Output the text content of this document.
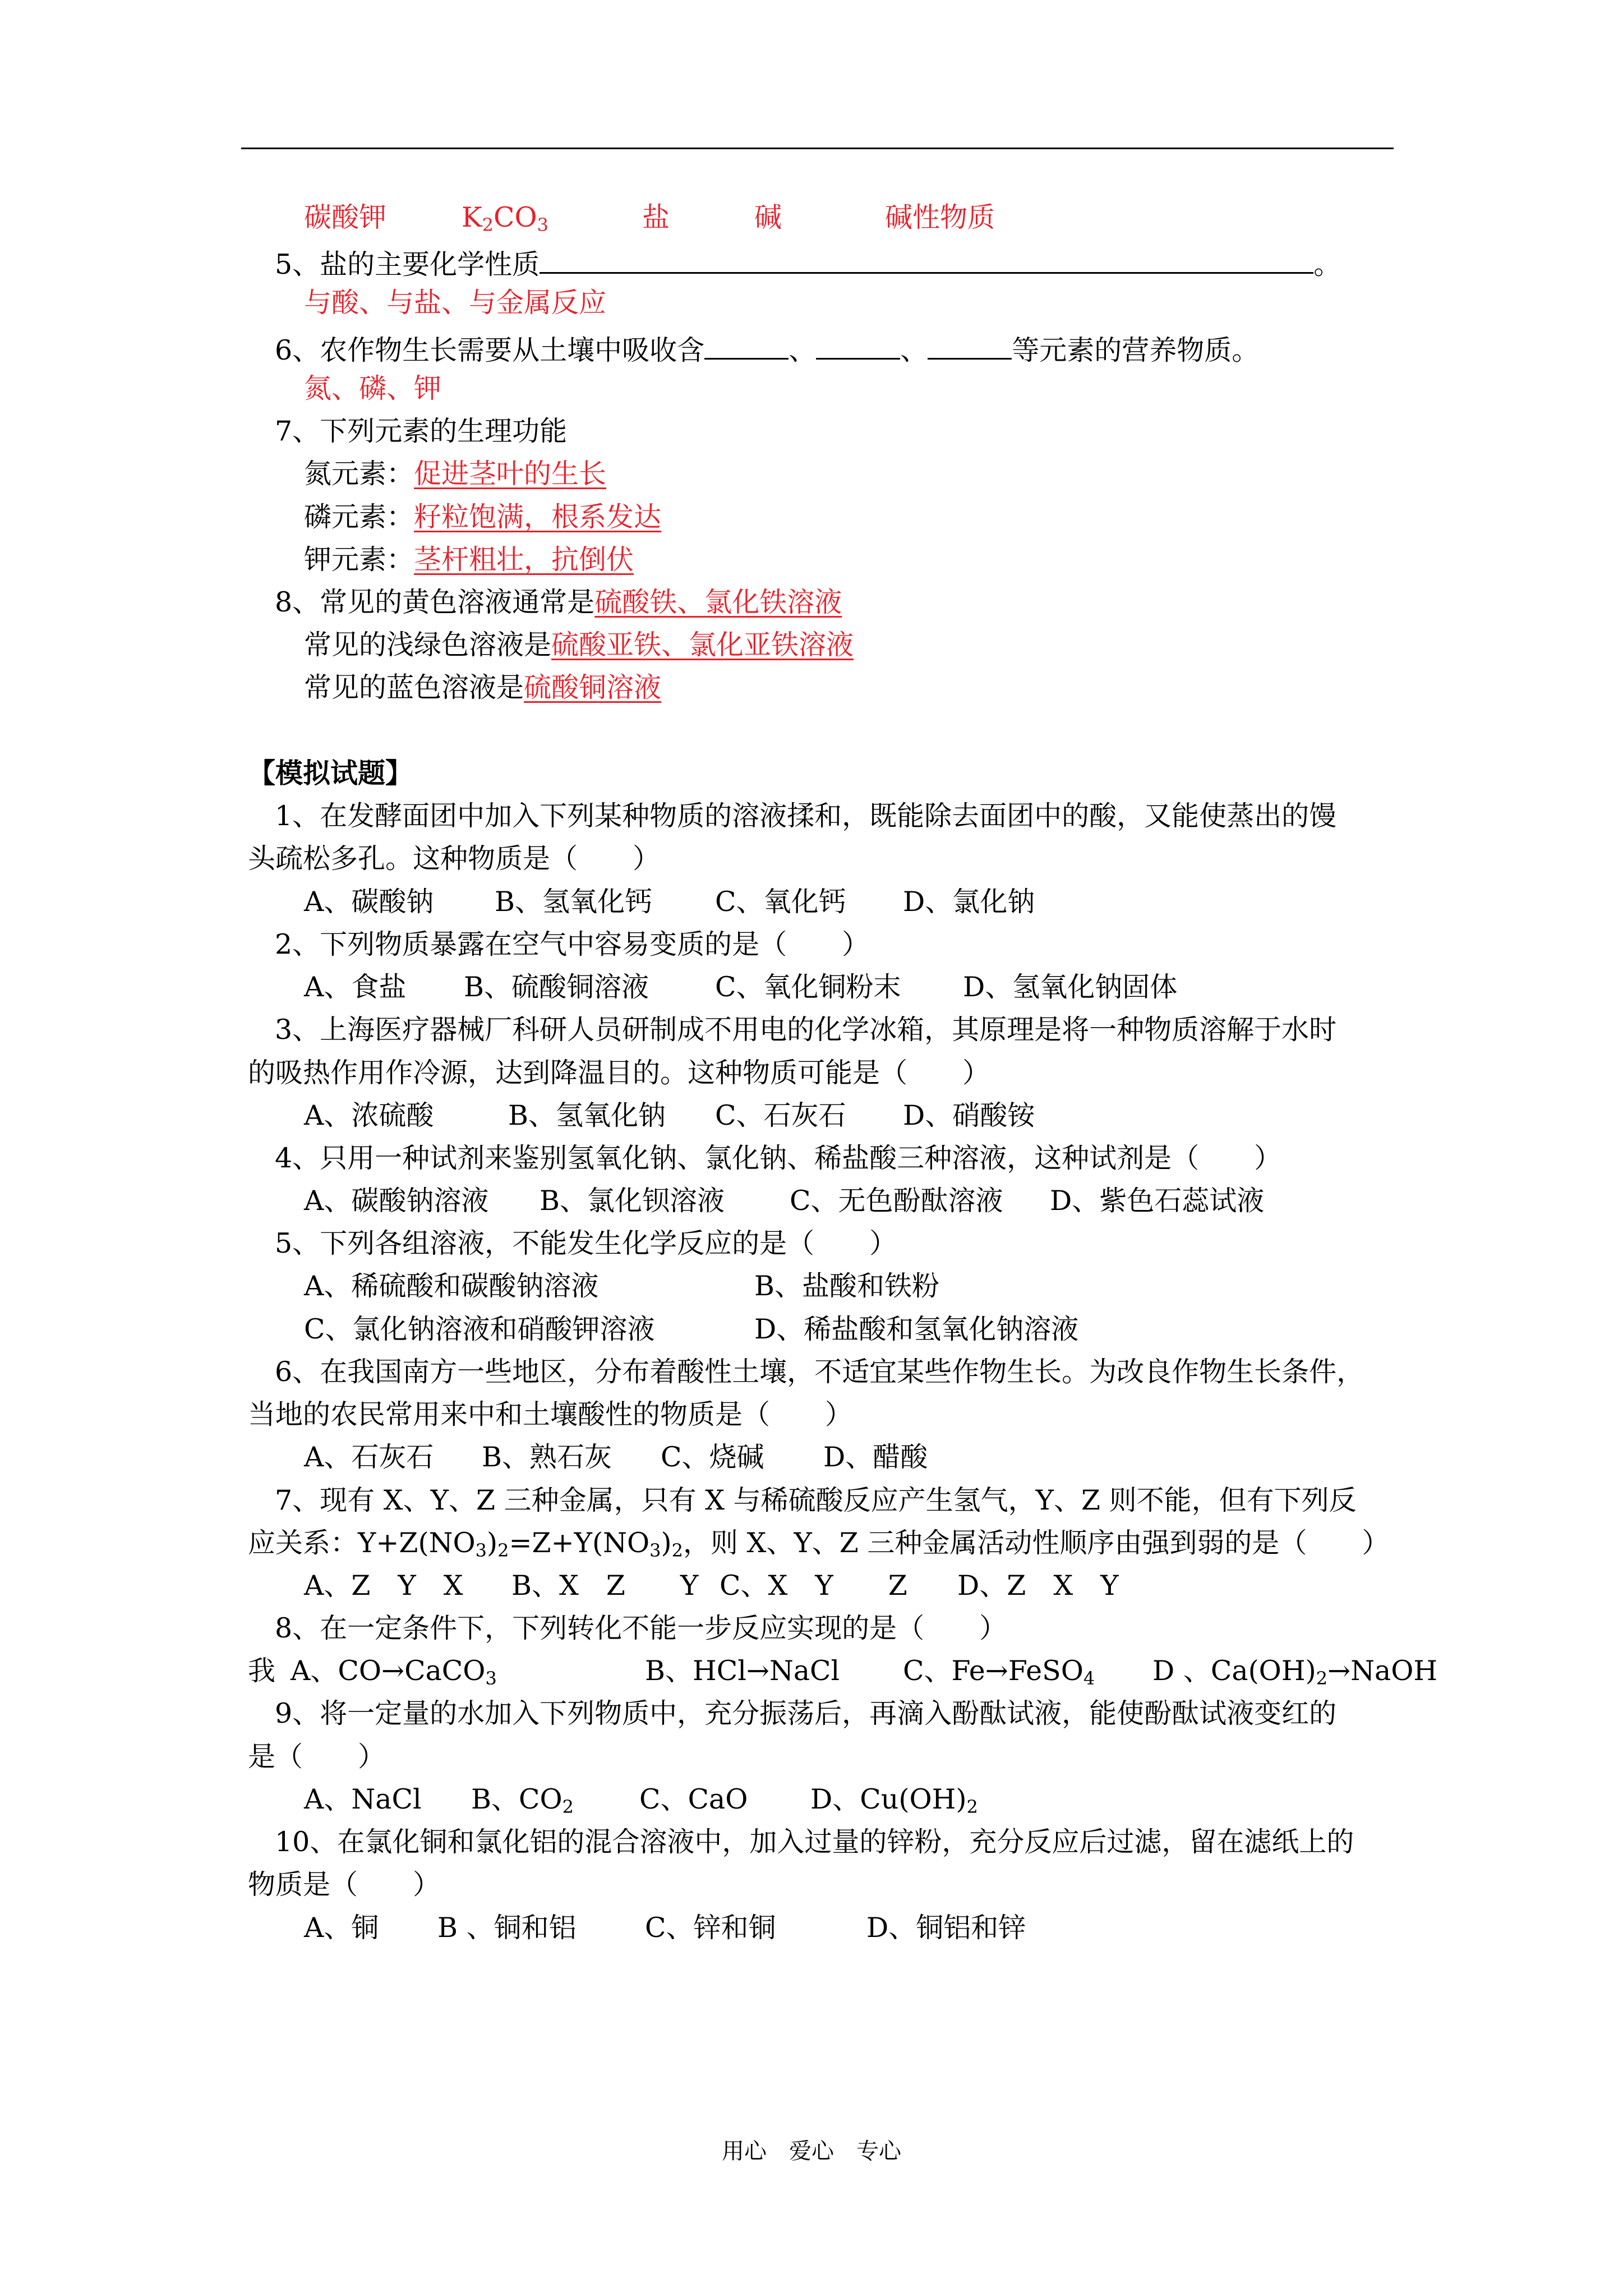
碳酸钾	$K_2CO_3$	盐	碱	碱性物质
5、盐的主要化学性质	。
与酸、与盐、与金属反应
6、农作物生长需要从土壤中吸收含	、	、	等元素的营养物质。
氮、磷、钾
7、下列元素的生理功能
氮元素：促进茎叶的生长
磷元素：籽粒饱满，根系发达
钾元素：茎杆粗壮，抗倒伏
8、常见的黄色溶液通常是硫酸铁、氯化铁溶液
常见的浅绿色溶液是硫酸亚铁、氯化亚铁溶液
常见的蓝色溶液是硫酸铜溶液
【模拟试题】
1、在发酵面团中加入下列某种物质的溶液揉和，既能除去面团中的酸，又能使蒸出的馒
头疏松多孔。这种物质是（　　）
A、碳酸钠 B、氢氧化钙 C、氧化钙 D、氯化钠
2、下列物质暴露在空气中容易变质的是（　　）
A、食盐 B、硫酸铜溶液 C、氧化铜粉末 D、氢氧化钠固体
3、上海医疗器械厂科研人员研制成不用电的化学冰箱，其原理是将一种物质溶解于水时
的吸热作用作冷源，达到降温目的。这种物质可能是（　　）
A、浓硫酸	B、氢氧化钠 C、石灰石 D、硝酸铵
4、只用一种试剂来鉴别氢氧化钠、氯化钠、稀盐酸三种溶液，这种试剂是（　　）
A、碳酸钠溶液 B、氯化钡溶液 C、无色酚酞溶液 D、紫色石蕊试液
5、下列各组溶液，不能发生化学反应的是（　　）
A、稀硫酸和碳酸钠溶液	B、盐酸和铁粉
C、氯化钠溶液和硝酸钾溶液	D、稀盐酸和氢氧化钠溶液
6、在我国南方一些地区，分布着酸性土壤，不适宜某些作物生长。为改良作物生长条件，
当地的农民常用来中和土壤酸性的物质是（　　）
A、石灰石 B、熟石灰 C、烧碱 D、醋酸
7、现有 X、Y、Z 三种金属，只有 X 与稀硫酸反应产生氢气，Y、Z 则不能，但有下列反
应关系：$Y+Z(NO_3)_2=Z+Y(NO_3)_2$，则 X、Y、Z 三种金属活动性顺序由强到弱的是（　　）
A、Z　Y　X B、X　Z　　Y C、X　Y　　Z D、Z　X　Y
8、在一定条件下，下列转化不能一步反应实现的是（　　）
我 A、CO→CaCO$_3$	B、HCl→NaCl C、Fe→FeSO$_4$ D 、$Ca(OH)_2\to NaOH$
9、将一定量的水加入下列物质中，充分振荡后，再滴入酚酞试液，能使酚酞试液变红的
是（　　）
A、NaCl B、$CO_2$ C、CaO D、$Cu(OH)_2$
10、在氯化铜和氯化铝的混合溶液中，加入过量的锌粉，充分反应后过滤，留在滤纸上的
物质是（　　）
A、铜 B 、铜和铝 C、锌和铜	D、铜铝和锌
用心　爱心　专心
